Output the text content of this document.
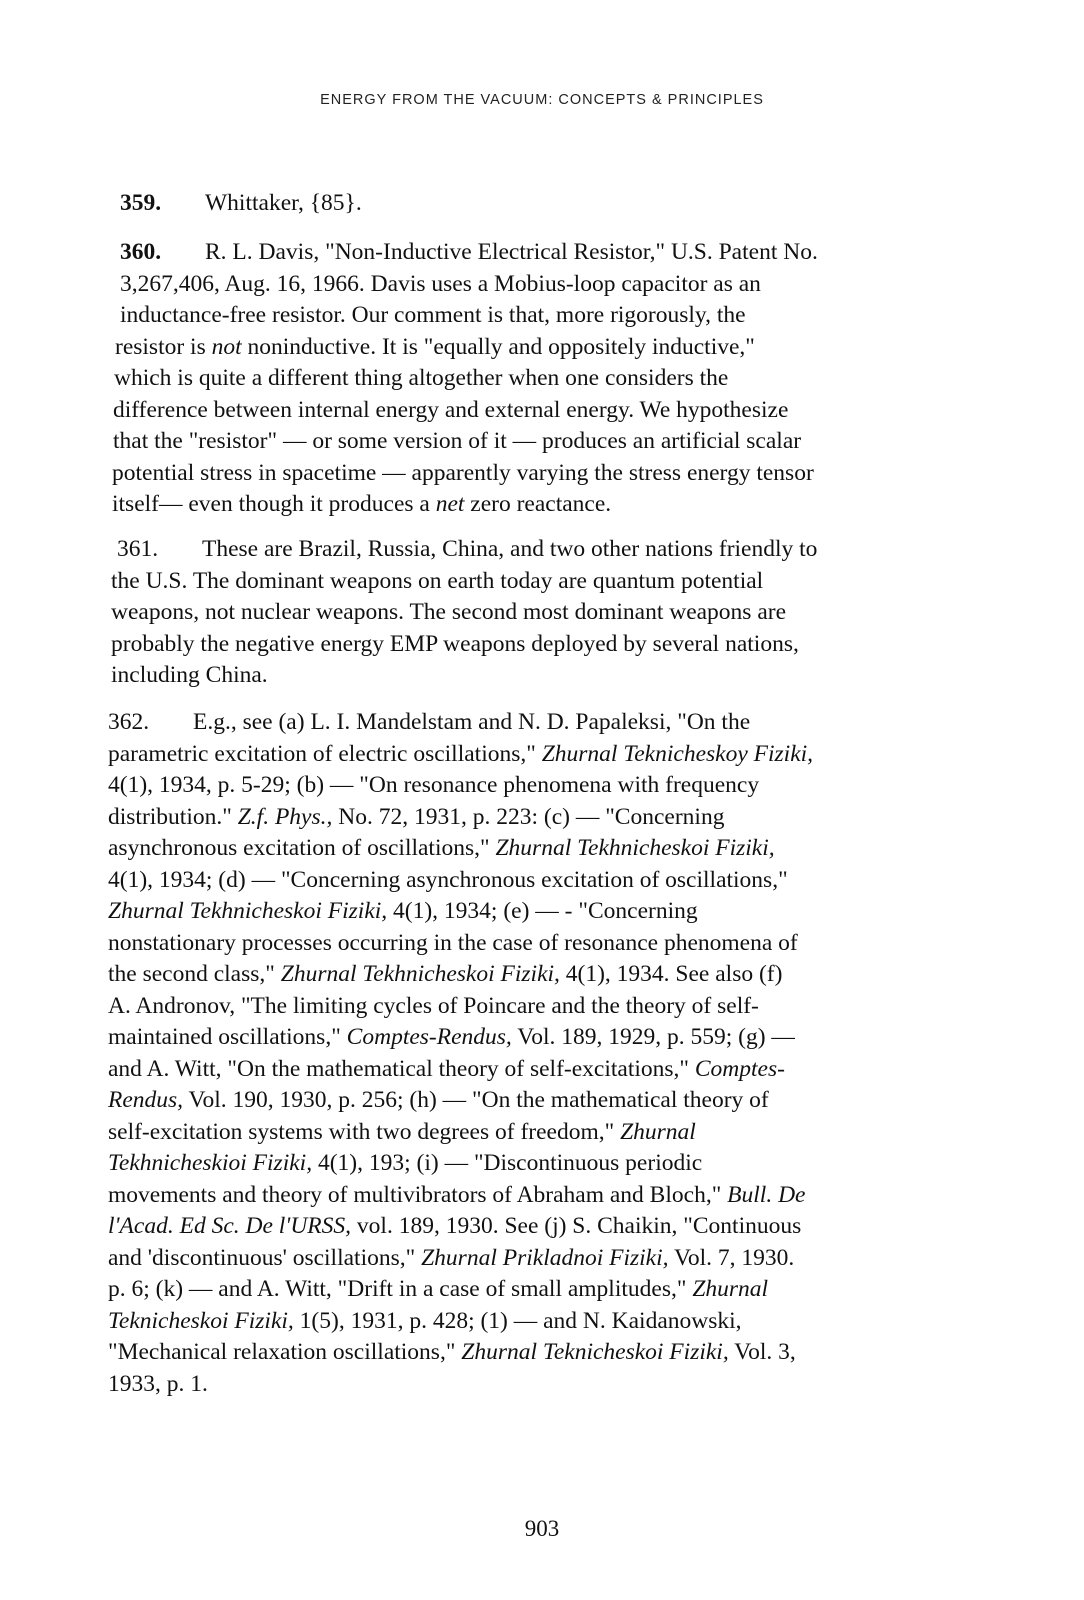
ENERGY FROM THE VACUUM: CONCEPTS & PRINCIPLES
359. Whittaker, {85}.
360. R. L. Davis, "Non-Inductive Electrical Resistor," U.S. Patent No.
3,267,406, Aug. 16, 1966. Davis uses a Mobius-loop capacitor as an
inductance-free resistor. Our comment is that, more rigorously, the
resistor is not noninductive. It is "equally and oppositely inductive,"
which is quite a different thing altogether when one considers the
difference between internal energy and external energy. We hypothesize
that the "resistor" — or some version of it — produces an artificial scalar
potential stress in spacetime — apparently varying the stress energy tensor
itself— even though it produces a net zero reactance.
361. These are Brazil, Russia, China, and two other nations friendly to
the U.S. The dominant weapons on earth today are quantum potential
weapons, not nuclear weapons. The second most dominant weapons are
probably the negative energy EMP weapons deployed by several nations,
including China.
362. E.g., see (a) L. I. Mandelstam and N. D. Papaleksi, "On the
parametric excitation of electric oscillations," Zhurnal Teknicheskoy Fiziki,
4(1), 1934, p. 5-29; (b) — "On resonance phenomena with frequency
distribution." Z.f. Phys., No. 72, 1931, p. 223: (c) — "Concerning
asynchronous excitation of oscillations," Zhurnal Tekhnicheskoi Fiziki,
4(1), 1934; (d) — "Concerning asynchronous excitation of oscillations,"
Zhurnal Tekhnicheskoi Fiziki, 4(1), 1934; (e) — - "Concerning
nonstationary processes occurring in the case of resonance phenomena of
the second class," Zhurnal Tekhnicheskoi Fiziki, 4(1), 1934. See also (f)
A. Andronov, "The limiting cycles of Poincare and the theory of self-
maintained oscillations," Comptes-Rendus, Vol. 189, 1929, p. 559; (g) —
and A. Witt, "On the mathematical theory of self-excitations," Comptes-
Rendus, Vol. 190, 1930, p. 256; (h) — "On the mathematical theory of
self-excitation systems with two degrees of freedom," Zhurnal
Tekhnicheskioi Fiziki, 4(1), 193; (i) — "Discontinuous periodic
movements and theory of multivibrators of Abraham and Bloch," Bull. De
l'Acad. Ed Sc. De l'URSS, vol. 189, 1930. See (j) S. Chaikin, "Continuous
and 'discontinuous' oscillations," Zhurnal Prikladnoi Fiziki, Vol. 7, 1930.
p. 6; (k) — and A. Witt, "Drift in a case of small amplitudes," Zhurnal
Teknicheskoi Fiziki, 1(5), 1931, p. 428; (1) — and N. Kaidanowski,
"Mechanical relaxation oscillations," Zhurnal Teknicheskoi Fiziki, Vol. 3,
1933, p. 1.
903
